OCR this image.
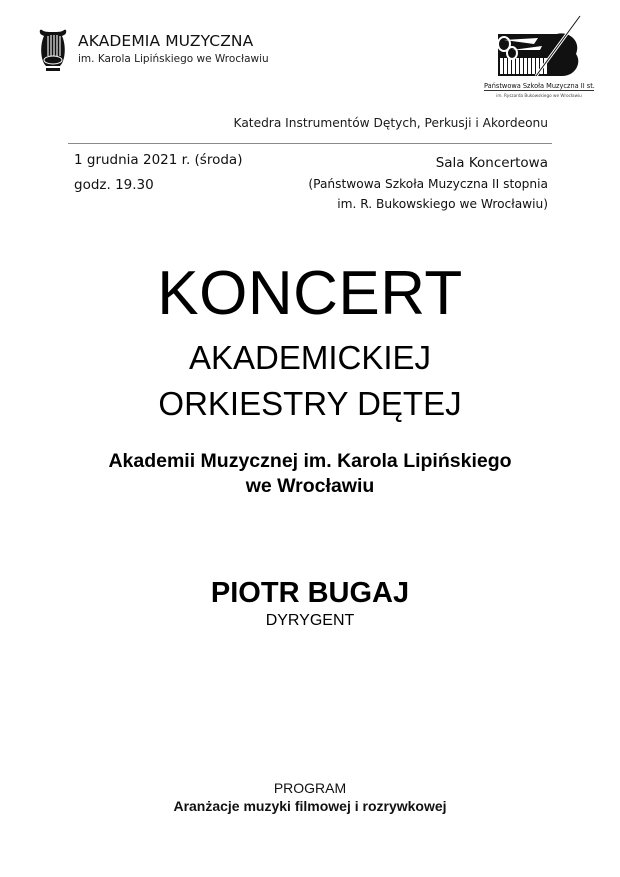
AKADEMIA MUZYCZNA
im. Karola Lipińskiego we Wrocławiu
Państwowa Szkoła Muzyczna II st.
im. Ryszarda Bukowskiego we Wrocławiu
Katedra Instrumentów Dętych, Perkusji i Akordeonu
1 grudnia 2021 r. (środa)
godz. 19.30
Sala Koncertowa
(Państwowa Szkoła Muzyczna II stopnia
im. R. Bukowskiego we Wrocławiu)
KONCERT
AKADEMICKIEJ
ORKIESTRY DĘTEJ
Akademii Muzycznej im. Karola Lipińskiego
we Wrocławiu
PIOTR BUGAJ
DYRYGENT
PROGRAM
Aranżacje muzyki filmowej i rozrywkowej
